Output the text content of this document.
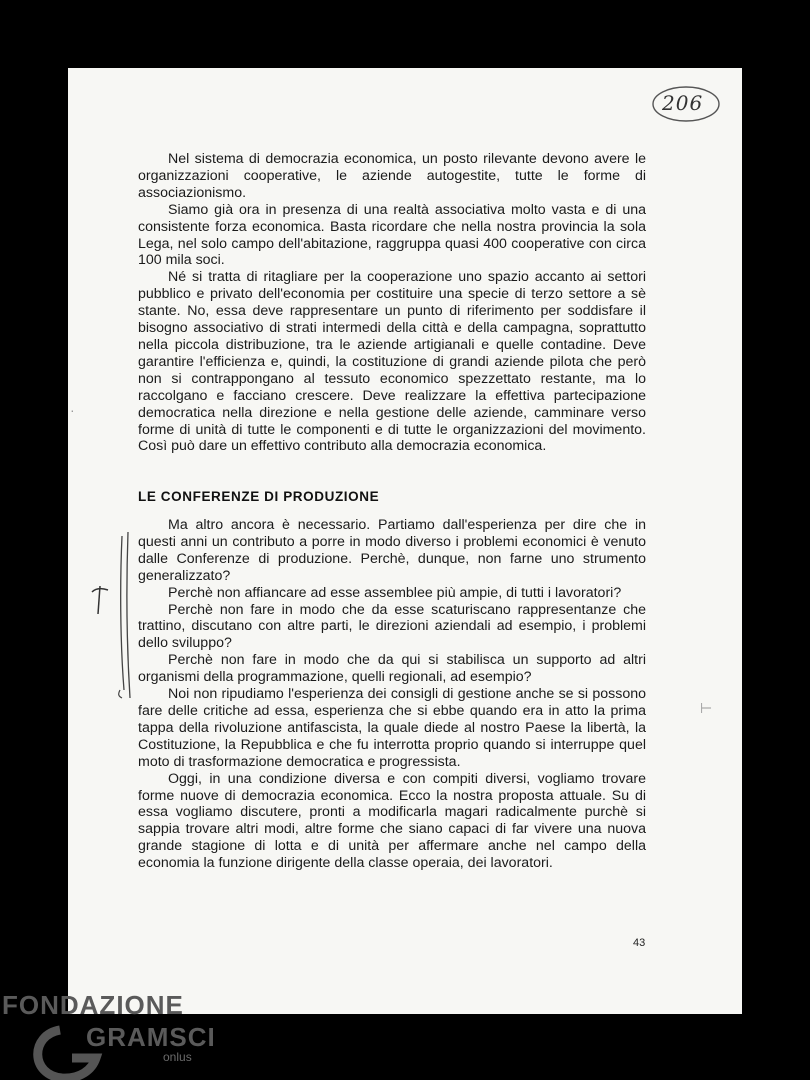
206

Nel sistema di democrazia economica, un posto rilevante devono avere le organizzazioni cooperative, le aziende autogestite, tutte le forme di associazionismo.

Siamo già ora in presenza di una realtà associativa molto vasta e di una consistente forza economica. Basta ricordare che nella nostra provincia la sola Lega, nel solo campo dell'abitazione, raggruppa quasi 400 cooperative con circa 100 mila soci.

Né si tratta di ritagliare per la cooperazione uno spazio accanto ai settori pubblico e privato dell'economia per costituire una specie di terzo settore a sè stante. No, essa deve rappresentare un punto di riferimento per soddisfare il bisogno associativo di strati intermedi della città e della campagna, soprattutto nella piccola distribuzione, tra le aziende artigianali e quelle contadine. Deve garantire l'efficienza e, quindi, la costituzione di grandi aziende pilota che però non si contrappongano al tessuto economico spezzettato restante, ma lo raccolgano e facciano crescere. Deve realizzare la effettiva partecipazione democratica nella direzione e nella gestione delle aziende, camminare verso forme di unità di tutte le componenti e di tutte le organizzazioni del movimento. Così può dare un effettivo contributo alla democrazia economica.

LE CONFERENZE DI PRODUZIONE

Ma altro ancora è necessario. Partiamo dall'esperienza per dire che in questi anni un contributo a porre in modo diverso i problemi economici è venuto dalle Conferenze di produzione. Perchè, dunque, non farne uno strumento generalizzato?

Perchè non affiancare ad esse assemblee più ampie, di tutti i lavoratori?

Perchè non fare in modo che da esse scaturiscano rappresentanze che trattino, discutano con altre parti, le direzioni aziendali ad esempio, i problemi dello sviluppo?

Perchè non fare in modo che da qui si stabilisca un supporto ad altri organismi della programmazione, quelli regionali, ad esempio?

Noi non ripudiamo l'esperienza dei consigli di gestione anche se si possono fare delle critiche ad essa, esperienza che si ebbe quando era in atto la prima tappa della rivoluzione antifascista, la quale diede al nostro Paese la libertà, la Costituzione, la Repubblica e che fu interrotta proprio quando si interruppe quel moto di trasformazione democratica e progressista.

Oggi, in una condizione diversa e con compiti diversi, vogliamo trovare forme nuove di democrazia economica. Ecco la nostra proposta attuale. Su di essa vogliamo discutere, pronti a modificarla magari radicalmente purchè si sappia trovare altri modi, altre forme che siano capaci di far vivere una nuova grande stagione di lotta e di unità per affermare anche nel campo della economia la funzione dirigente della classe operaia, dei lavoratori.

·
⊢
43
FONDAZIONE
GRAMSCI
onlus
